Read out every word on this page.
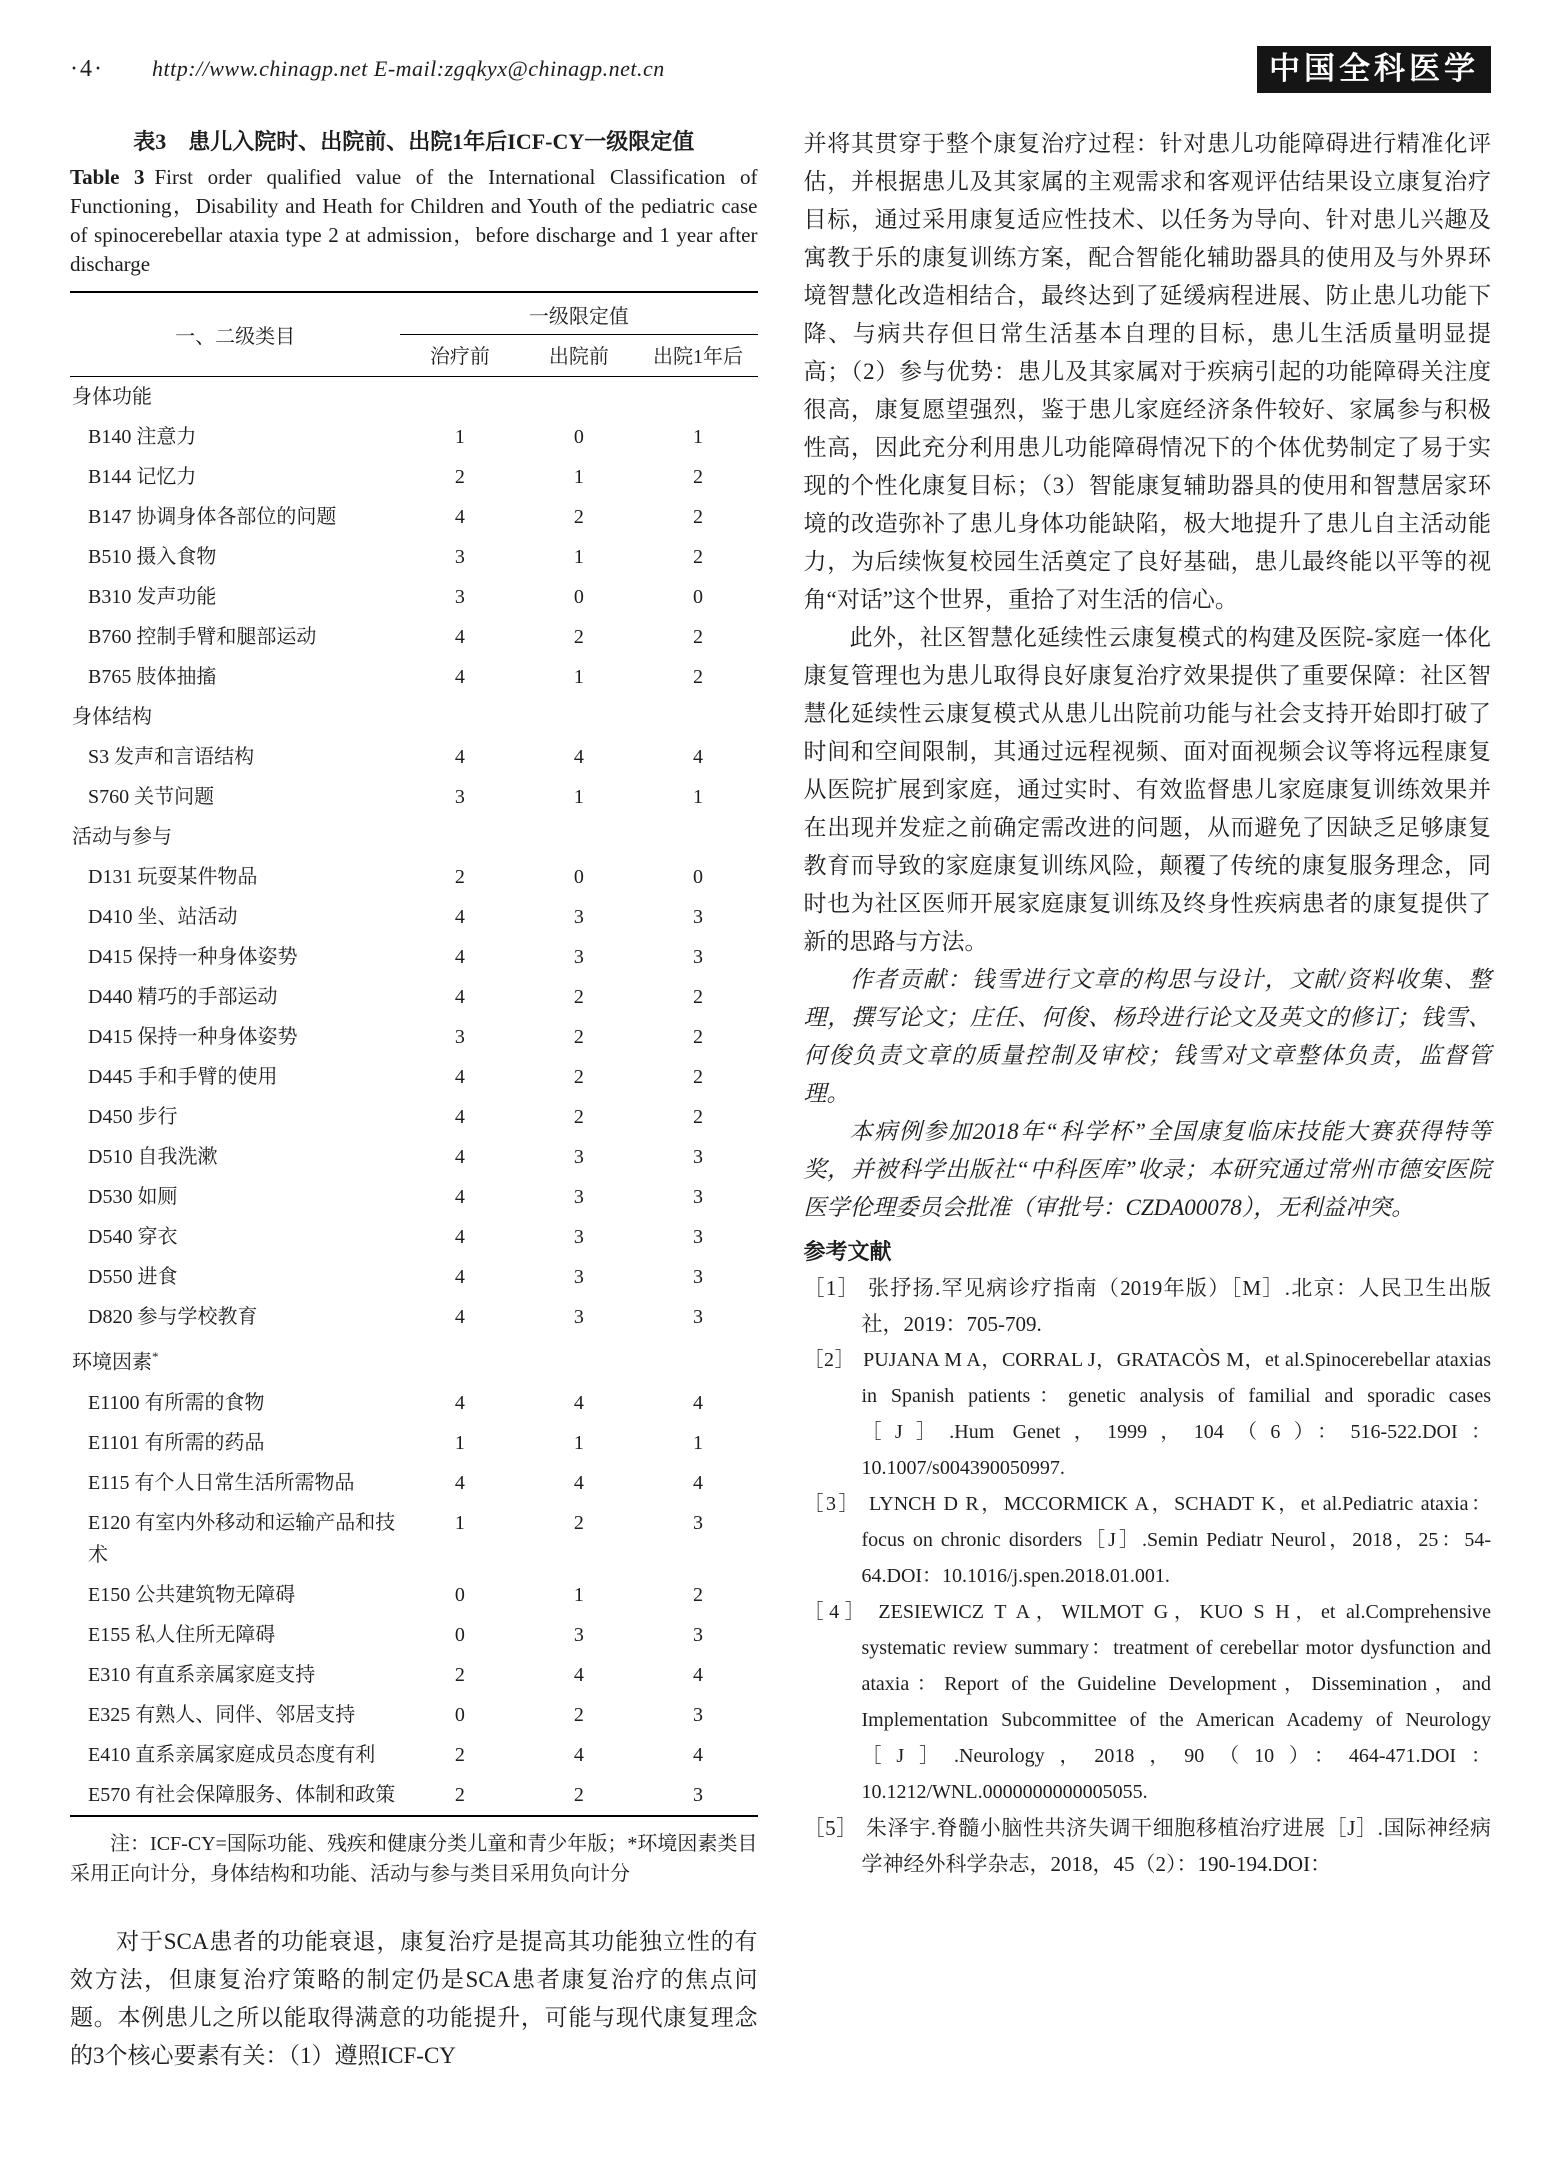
·4· http://www.chinagp.net E-mail:zgqkyx@chinagp.net.cn	中国全科医学
表3　患儿入院时、出院前、出院1年后ICF-CY一级限定值
Table 3 First order qualified value of the International Classification of Functioning，Disability and Heath for Children and Youth of the pediatric case of spinocerebellar ataxia type 2 at admission，before discharge and 1 year after discharge
一、二级类目	一级限定值		
	治疗前	出院前	出院1年后
身体功能			
B140 注意力	1	0	1
B144 记忆力	2	1	2
B147 协调身体各部位的问题	4	2	2
B510 摄入食物	3	1	2
B310 发声功能	3	0	0
B760 控制手臂和腿部运动	4	2	2
B765 肢体抽搐	4	1	2
身体结构			
S3 发声和言语结构	4	4	4
S760 关节问题	3	1	1
活动与参与			
D131 玩耍某件物品	2	0	0
D410 坐、站活动	4	3	3
D415 保持一种身体姿势	4	3	3
D440 精巧的手部运动	4	2	2
D415 保持一种身体姿势	3	2	2
D445 手和手臂的使用	4	2	2
D450 步行	4	2	2
D510 自我洗漱	4	3	3
D530 如厕	4	3	3
D540 穿衣	4	3	3
D550 进食	4	3	3
D820 参与学校教育	4	3	3
环境因素*			
E1100 有所需的食物	4	4	4
E1101 有所需的药品	1	1	1
E115 有个人日常生活所需物品	4	4	4
E120 有室内外移动和运输产品和技术	1	2	3
E150 公共建筑物无障碍	0	1	2
E155 私人住所无障碍	0	3	3
E310 有直系亲属家庭支持	2	4	4
E325 有熟人、同伴、邻居支持	0	2	3
E410 直系亲属家庭成员态度有利	2	4	4
E570 有社会保障服务、体制和政策	2	2	3

注：ICF-CY=国际功能、残疾和健康分类儿童和青少年版；*环境因素类目采用正向计分，身体结构和功能、活动与参与类目采用负向计分

对于SCA患者的功能衰退，康复治疗是提高其功能独立性的有效方法，但康复治疗策略的制定仍是SCA患者康复治疗的焦点问题。本例患儿之所以能取得满意的功能提升，可能与现代康复理念的3个核心要素有关：（1）遵照ICF-CY

并将其贯穿于整个康复治疗过程：针对患儿功能障碍进行精准化评估，并根据患儿及其家属的主观需求和客观评估结果设立康复治疗目标，通过采用康复适应性技术、以任务为导向、针对患儿兴趣及寓教于乐的康复训练方案，配合智能化辅助器具的使用及与外界环境智慧化改造相结合，最终达到了延缓病程进展、防止患儿功能下降、与病共存但日常生活基本自理的目标，患儿生活质量明显提高；（2）参与优势：患儿及其家属对于疾病引起的功能障碍关注度很高，康复愿望强烈，鉴于患儿家庭经济条件较好、家属参与积极性高，因此充分利用患儿功能障碍情况下的个体优势制定了易于实现的个性化康复目标；（3）智能康复辅助器具的使用和智慧居家环境的改造弥补了患儿身体功能缺陷，极大地提升了患儿自主活动能力，为后续恢复校园生活奠定了良好基础，患儿最终能以平等的视角“对话”这个世界，重拾了对生活的信心。

此外，社区智慧化延续性云康复模式的构建及医院-家庭一体化康复管理也为患儿取得良好康复治疗效果提供了重要保障：社区智慧化延续性云康复模式从患儿出院前功能与社会支持开始即打破了时间和空间限制，其通过远程视频、面对面视频会议等将远程康复从医院扩展到家庭，通过实时、有效监督患儿家庭康复训练效果并在出现并发症之前确定需改进的问题，从而避免了因缺乏足够康复教育而导致的家庭康复训练风险，颠覆了传统的康复服务理念，同时也为社区医师开展家庭康复训练及终身性疾病患者的康复提供了新的思路与方法。

作者贡献：钱雪进行文章的构思与设计，文献/资料收集、整理，撰写论文；庄任、何俊、杨玲进行论文及英文的修订；钱雪、何俊负责文章的质量控制及审校；钱雪对文章整体负责，监督管理。

本病例参加2018年“科学杯”全国康复临床技能大赛获得特等奖，并被科学出版社“中科医库”收录；本研究通过常州市德安医院医学伦理委员会批准（审批号：CZDA00078），无利益冲突。

参考文献

［1］ 张抒扬.罕见病诊疗指南（2019年版）［M］.北京：人民卫生出版社，2019：705-709.

［2］ PUJANA M A，CORRAL J，GRATACÒS M，et al.Spinocerebellar ataxias in Spanish patients：genetic analysis of familial and sporadic cases［J］.Hum Genet，1999，104（6）：516-522.DOI：10.1007/s004390050997.

［3］ LYNCH D R，MCCORMICK A，SCHADT K，et al.Pediatric ataxia：focus on chronic disorders［J］.Semin Pediatr Neurol，2018，25：54-64.DOI：10.1016/j.spen.2018.01.001.

［4］ ZESIEWICZ T A，WILMOT G，KUO S H，et al.Comprehensive systematic review summary：treatment of cerebellar motor dysfunction and ataxia：Report of the Guideline Development，Dissemination，and Implementation Subcommittee of the American Academy of Neurology［J］.Neurology，2018，90（10）：464-471.DOI：10.1212/WNL.0000000000005055.

［5］ 朱泽宇.脊髓小脑性共济失调干细胞移植治疗进展［J］.国际神经病学神经外科学杂志，2018，45（2）：190-194.DOI：
